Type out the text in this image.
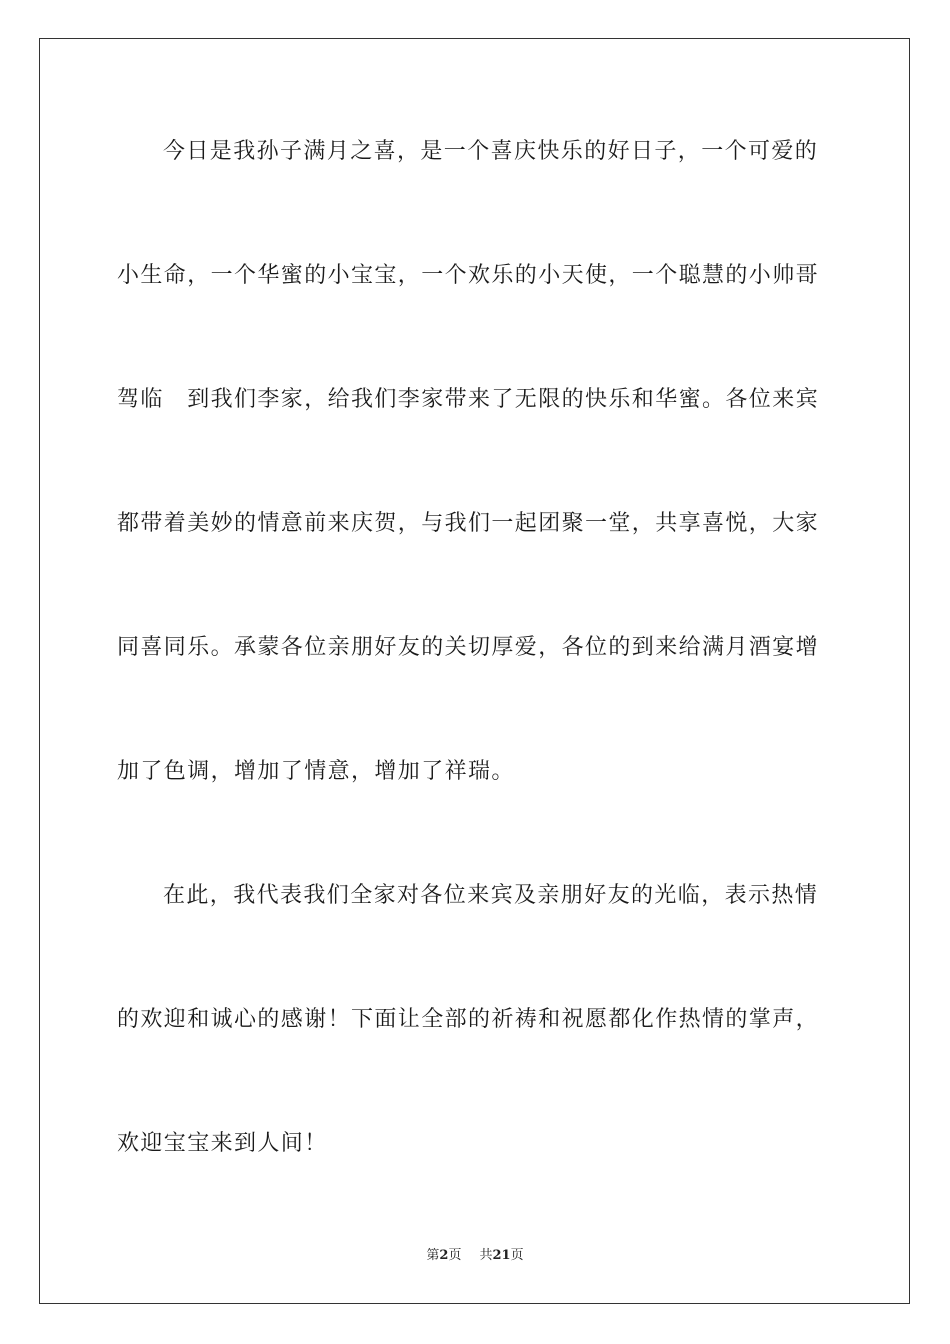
今日是我孙子满月之喜，是一个喜庆快乐的好日子，一个可爱的
小生命，一个华蜜的小宝宝，一个欢乐的小天使，一个聪慧的小帅哥
驾临　到我们李家，给我们李家带来了无限的快乐和华蜜。各位来宾
都带着美妙的情意前来庆贺，与我们一起团聚一堂，共享喜悦，大家
同喜同乐。承蒙各位亲朋好友的关切厚爱，各位的到来给满月酒宴增
加了色调，增加了情意，增加了祥瑞。
在此，我代表我们全家对各位来宾及亲朋好友的光临，表示热情
的欢迎和诚心的感谢！下面让全部的祈祷和祝愿都化作热情的掌声，
欢迎宝宝来到人间！
第2页 共21页
